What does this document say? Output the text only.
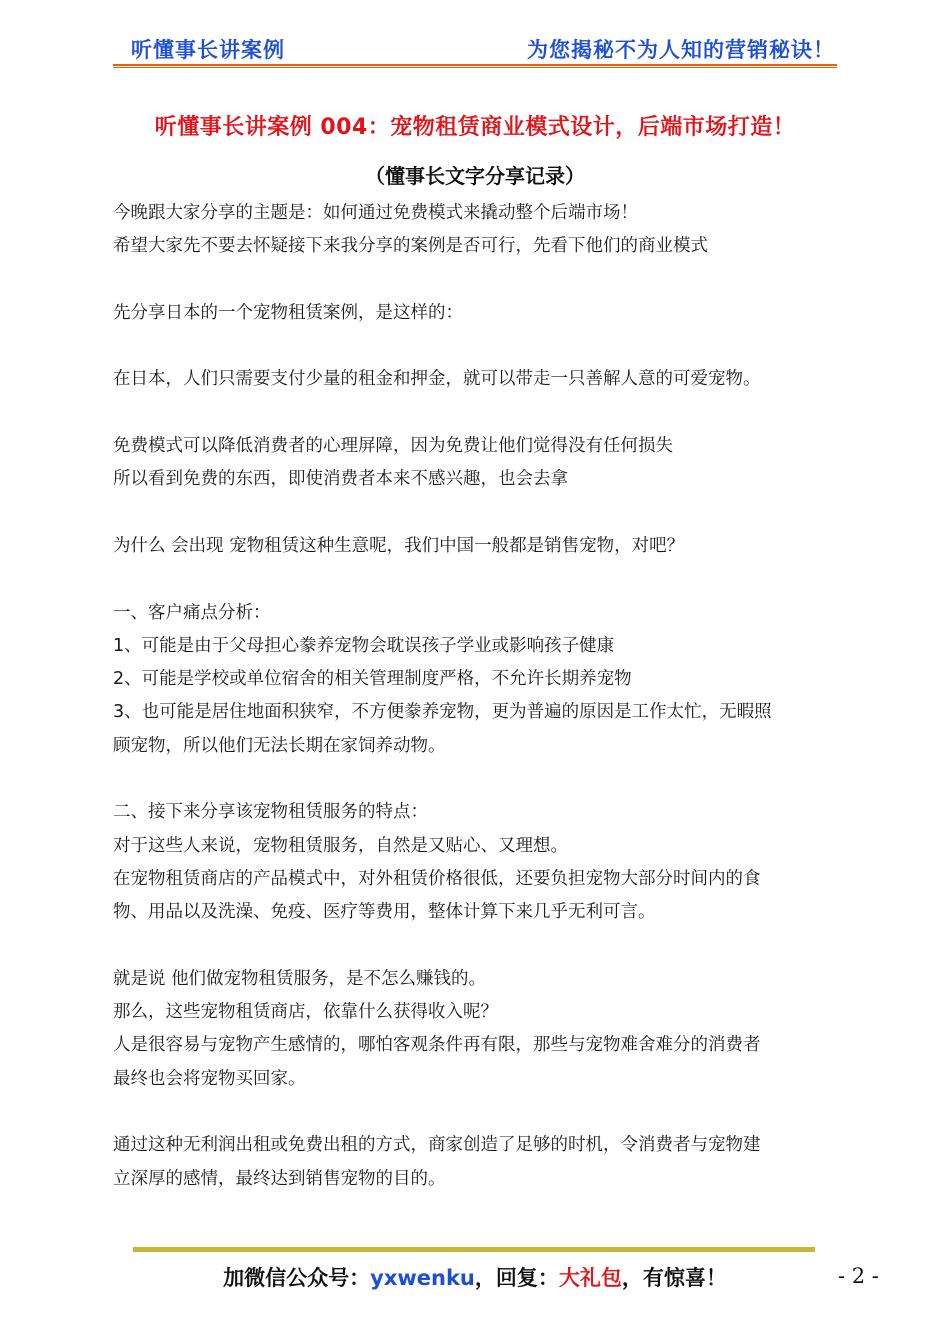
听懂事长讲案例	为您揭秘不为人知的营销秘诀！
听懂事长讲案例 004：宠物租赁商业模式设计，后端市场打造！
（懂事长文字分享记录）
今晚跟大家分享的主题是：如何通过免费模式来撬动整个后端市场！
希望大家先不要去怀疑接下来我分享的案例是否可行，先看下他们的商业模式
先分享日本的一个宠物租赁案例，是这样的：
在日本，人们只需要支付少量的租金和押金，就可以带走一只善解人意的可爱宠物。
免费模式可以降低消费者的心理屏障，因为免费让他们觉得没有任何损失
所以看到免费的东西，即使消费者本来不感兴趣，也会去拿
为什么 会出现 宠物租赁这种生意呢，我们中国一般都是销售宠物，对吧？
一、客户痛点分析：
1、可能是由于父母担心豢养宠物会耽误孩子学业或影响孩子健康
2、可能是学校或单位宿舍的相关管理制度严格，不允许长期养宠物
3、也可能是居住地面积狭窄，不方便豢养宠物，更为普遍的原因是工作太忙，无暇照
顾宠物，所以他们无法长期在家饲养动物。
二、接下来分享该宠物租赁服务的特点：
对于这些人来说，宠物租赁服务，自然是又贴心、又理想。
在宠物租赁商店的产品模式中，对外租赁价格很低，还要负担宠物大部分时间内的食
物、用品以及洗澡、免疫、医疗等费用，整体计算下来几乎无利可言。
就是说 他们做宠物租赁服务，是不怎么赚钱的。
那么，这些宠物租赁商店，依靠什么获得收入呢？
人是很容易与宠物产生感情的，哪怕客观条件再有限，那些与宠物难舍难分的消费者
最终也会将宠物买回家。
通过这种无利润出租或免费出租的方式，商家创造了足够的时机，令消费者与宠物建
立深厚的感情，最终达到销售宠物的目的。
加微信公众号：yxwenku，回复：大礼包，有惊喜！	- 2 -
